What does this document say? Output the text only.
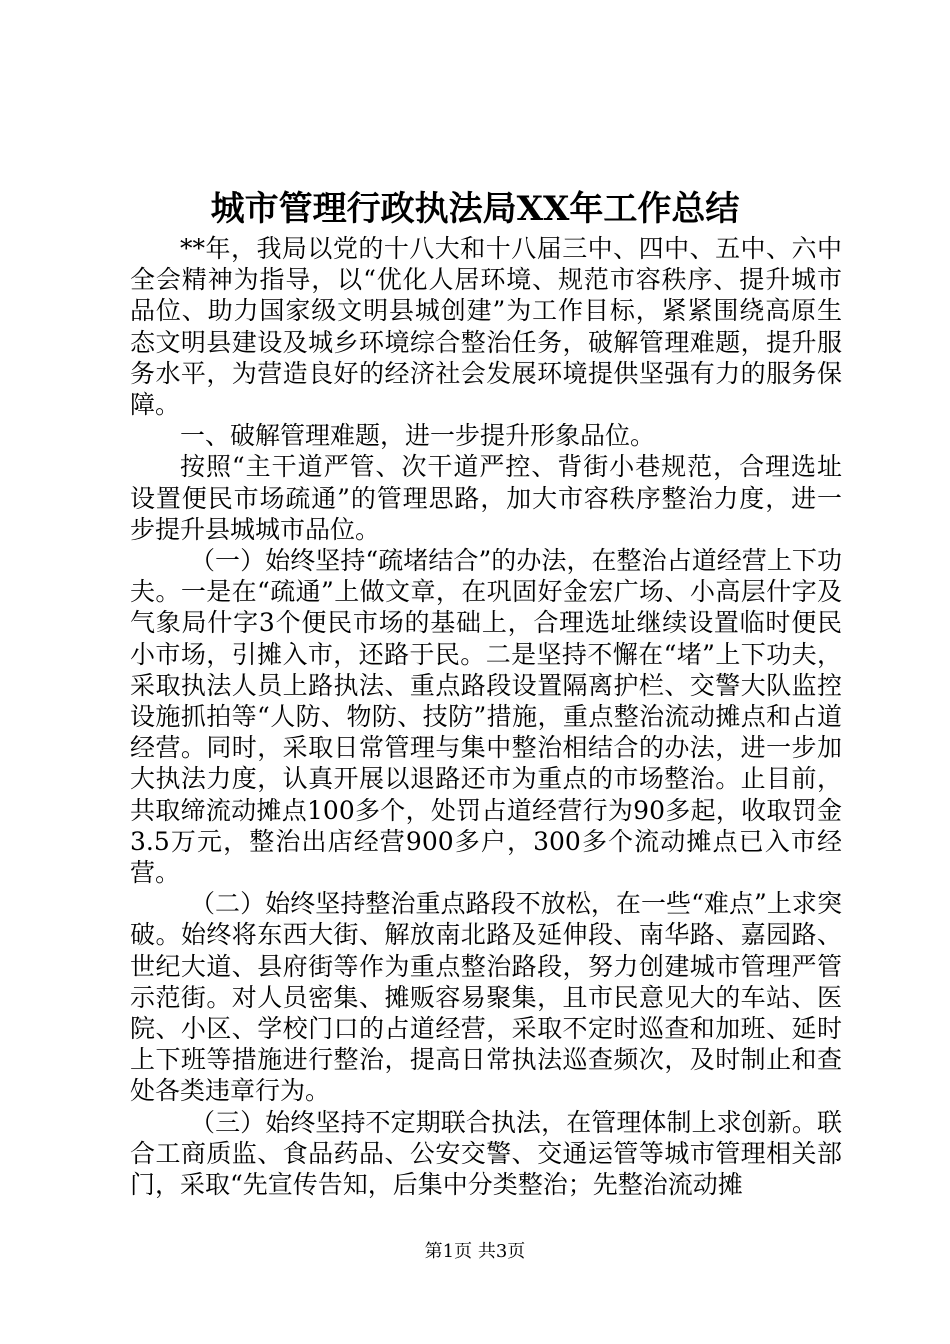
城市管理行政执法局XX年工作总结

**年，我局以党的十八大和十八届三中、四中、五中、六中全会精神为指导，以“优化人居环境、规范市容秩序、提升城市品位、助力国家级文明县城创建”为工作目标，紧紧围绕高原生态文明县建设及城乡环境综合整治任务，破解管理难题，提升服务水平，为营造良好的经济社会发展环境提供坚强有力的服务保障。

一、破解管理难题，进一步提升形象品位。

按照“主干道严管、次干道严控、背街小巷规范，合理选址设置便民市场疏通”的管理思路，加大市容秩序整治力度，进一步提升县城城市品位。

（一）始终坚持“疏堵结合”的办法，在整治占道经营上下功夫。一是在“疏通”上做文章，在巩固好金宏广场、小高层什字及气象局什字3个便民市场的基础上，合理选址继续设置临时便民小市场，引摊入市，还路于民。二是坚持不懈在“堵”上下功夫，采取执法人员上路执法、重点路段设置隔离护栏、交警大队监控设施抓拍等“人防、物防、技防”措施，重点整治流动摊点和占道经营。同时，采取日常管理与集中整治相结合的办法，进一步加大执法力度，认真开展以退路还市为重点的市场整治。止目前，共取缔流动摊点100多个，处罚占道经营行为90多起，收取罚金3.5万元，整治出店经营900多户，300多个流动摊点已入市经营。

（二）始终坚持整治重点路段不放松，在一些“难点”上求突破。始终将东西大街、解放南北路及延伸段、南华路、嘉园路、世纪大道、县府街等作为重点整治路段，努力创建城市管理严管示范街。对人员密集、摊贩容易聚集，且市民意见大的车站、医院、小区、学校门口的占道经营，采取不定时巡查和加班、延时上下班等措施进行整治，提高日常执法巡查频次，及时制止和查处各类违章行为。

（三）始终坚持不定期联合执法，在管理体制上求创新。联合工商质监、食品药品、公安交警、交通运管等城市管理相关部门，采取“先宣传告知，后集中分类整治；先整治流动摊

第1页 共3页
